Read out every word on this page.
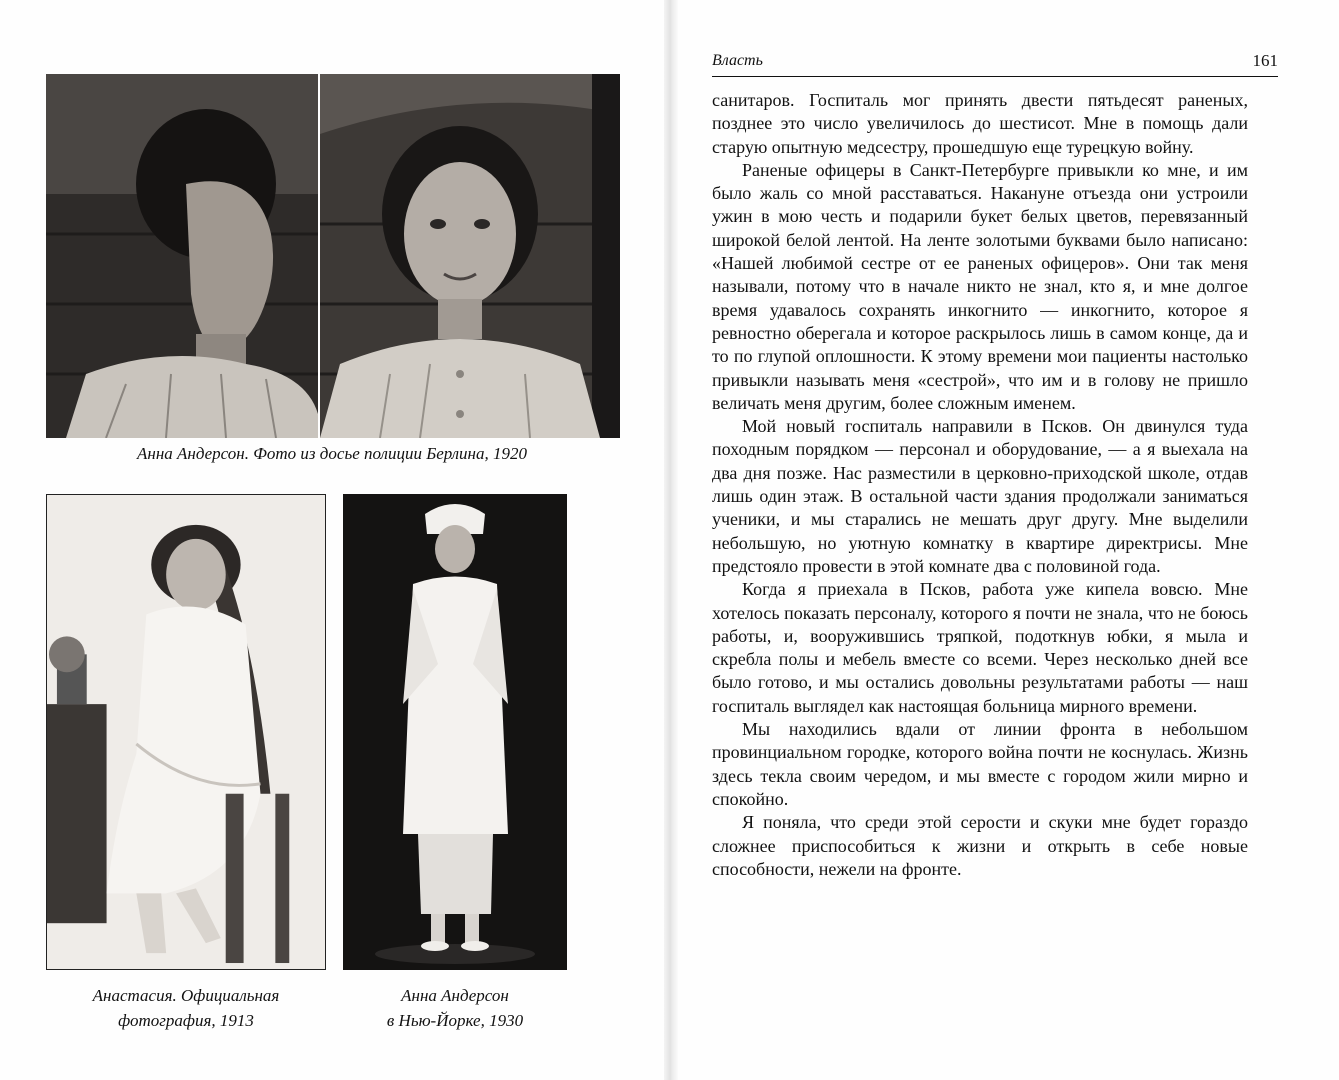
Анна Андерсон. Фото из досье полиции Берлина, 1920
Анастасия. Официальная
фотография, 1913
Анна Андерсон
в Нью-Йорке, 1930
Власть	161

санитаров. Госпиталь мог принять двести пятьдесят раненых, позднее это число увеличилось до шестисот. Мне в помощь дали старую опытную медсестру, прошедшую еще турецкую войну.

Раненые офицеры в Санкт-Петербурге привыкли ко мне, и им было жаль со мной расставаться. Накануне отъезда они устроили ужин в мою честь и подарили букет белых цветов, перевязанный широкой белой лентой. На ленте золотыми буквами было написано: «Нашей любимой сестре от ее раненых офицеров». Они так меня называли, потому что в начале никто не знал, кто я, и мне долгое время удавалось сохранять инкогнито — инкогнито, которое я ревностно оберегала и которое раскрылось лишь в самом конце, да и то по глупой оплошности. К этому времени мои пациенты настолько привыкли называть меня «сестрой», что им и в голову не пришло величать меня другим, более сложным именем.

Мой новый госпиталь направили в Псков. Он двинулся туда походным порядком — персонал и оборудование, — а я выехала на два дня позже. Нас разместили в церковно-приходской школе, отдав лишь один этаж. В остальной части здания продолжали заниматься ученики, и мы старались не мешать друг другу. Мне выделили небольшую, но уютную комнатку в квартире директрисы. Мне предстояло провести в этой комнате два с половиной года.

Когда я приехала в Псков, работа уже кипела вовсю. Мне хотелось показать персоналу, которого я почти не знала, что не боюсь работы, и, вооружившись тряпкой, подоткнув юбки, я мыла и скребла полы и мебель вместе со всеми. Через несколько дней все было готово, и мы остались довольны результатами работы — наш госпиталь выглядел как настоящая больница мирного времени.

Мы находились вдали от линии фронта в небольшом провинциальном городке, которого война почти не коснулась. Жизнь здесь текла своим чередом, и мы вместе с городом жили мирно и спокойно.

Я поняла, что среди этой серости и скуки мне будет гораздо сложнее приспособиться к жизни и открыть в себе новые способности, нежели на фронте.
